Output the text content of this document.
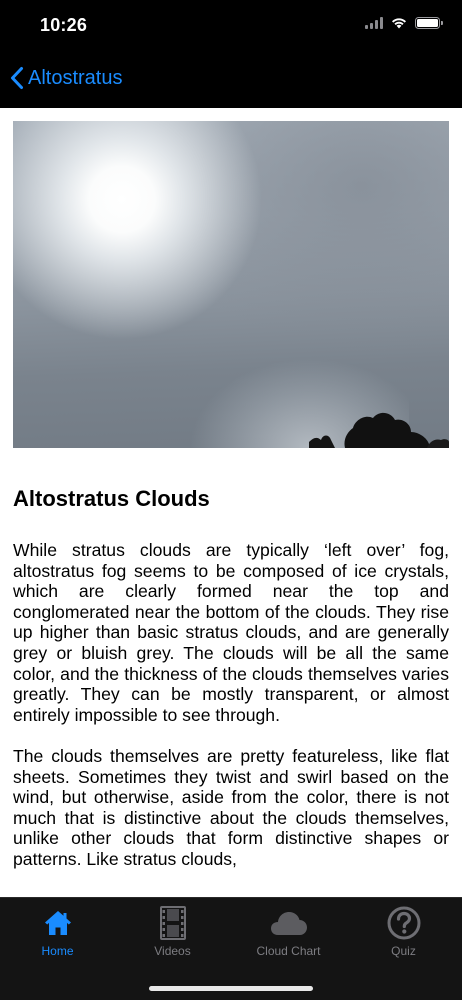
10:26
Altostratus
Altostratus Clouds

While stratus clouds are typically ‘left over’ fog, altostratus fog seems to be composed of ice crystals, which are clearly formed near the top and conglomerated near the bottom of the clouds. They rise up higher than basic stratus clouds, and are generally grey or bluish grey. The clouds will be all the same color, and the thickness of the clouds themselves varies greatly. They can be mostly transparent, or almost entirely impossible to see through.

The clouds themselves are pretty featureless, like flat sheets. Sometimes they twist and swirl based on the wind, but otherwise, aside from the color, there is not much that is distinctive about the clouds themselves, unlike other clouds that form distinctive shapes or patterns. Like stratus clouds,

Home	Videos	Cloud Chart	Quiz
